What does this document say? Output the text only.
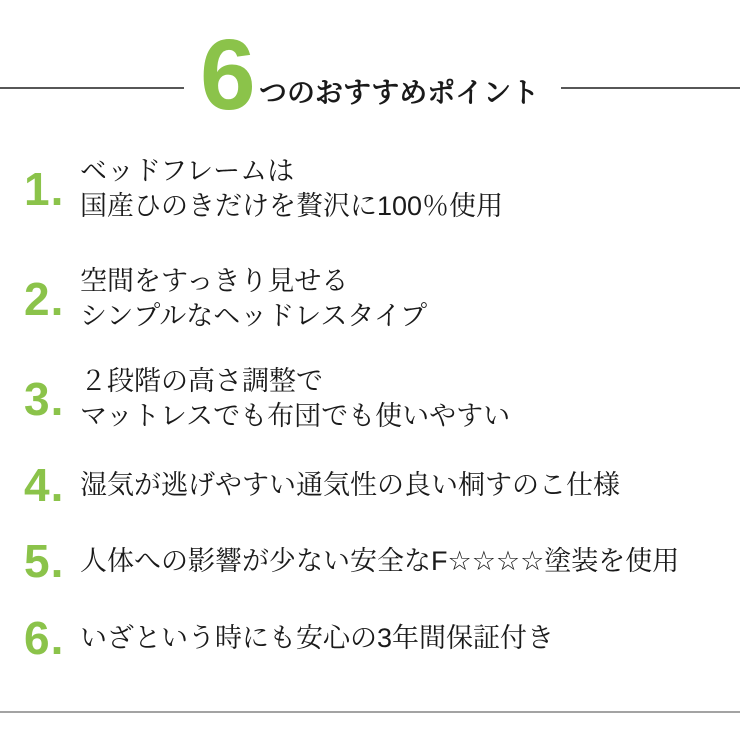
6 つのおすすめポイント
1. ベッドフレームは
国産ひのきだけを贅沢に100％使用
2. 空間をすっきり見せる
シンプルなヘッドレスタイプ
3. ２段階の高さ調整で
マットレスでも布団でも使いやすい
4. 湿気が逃げやすい通気性の良い桐すのこ仕様
5. 人体への影響が少ない安全なF☆☆☆☆塗装を使用
6. いざという時にも安心の3年間保証付き
